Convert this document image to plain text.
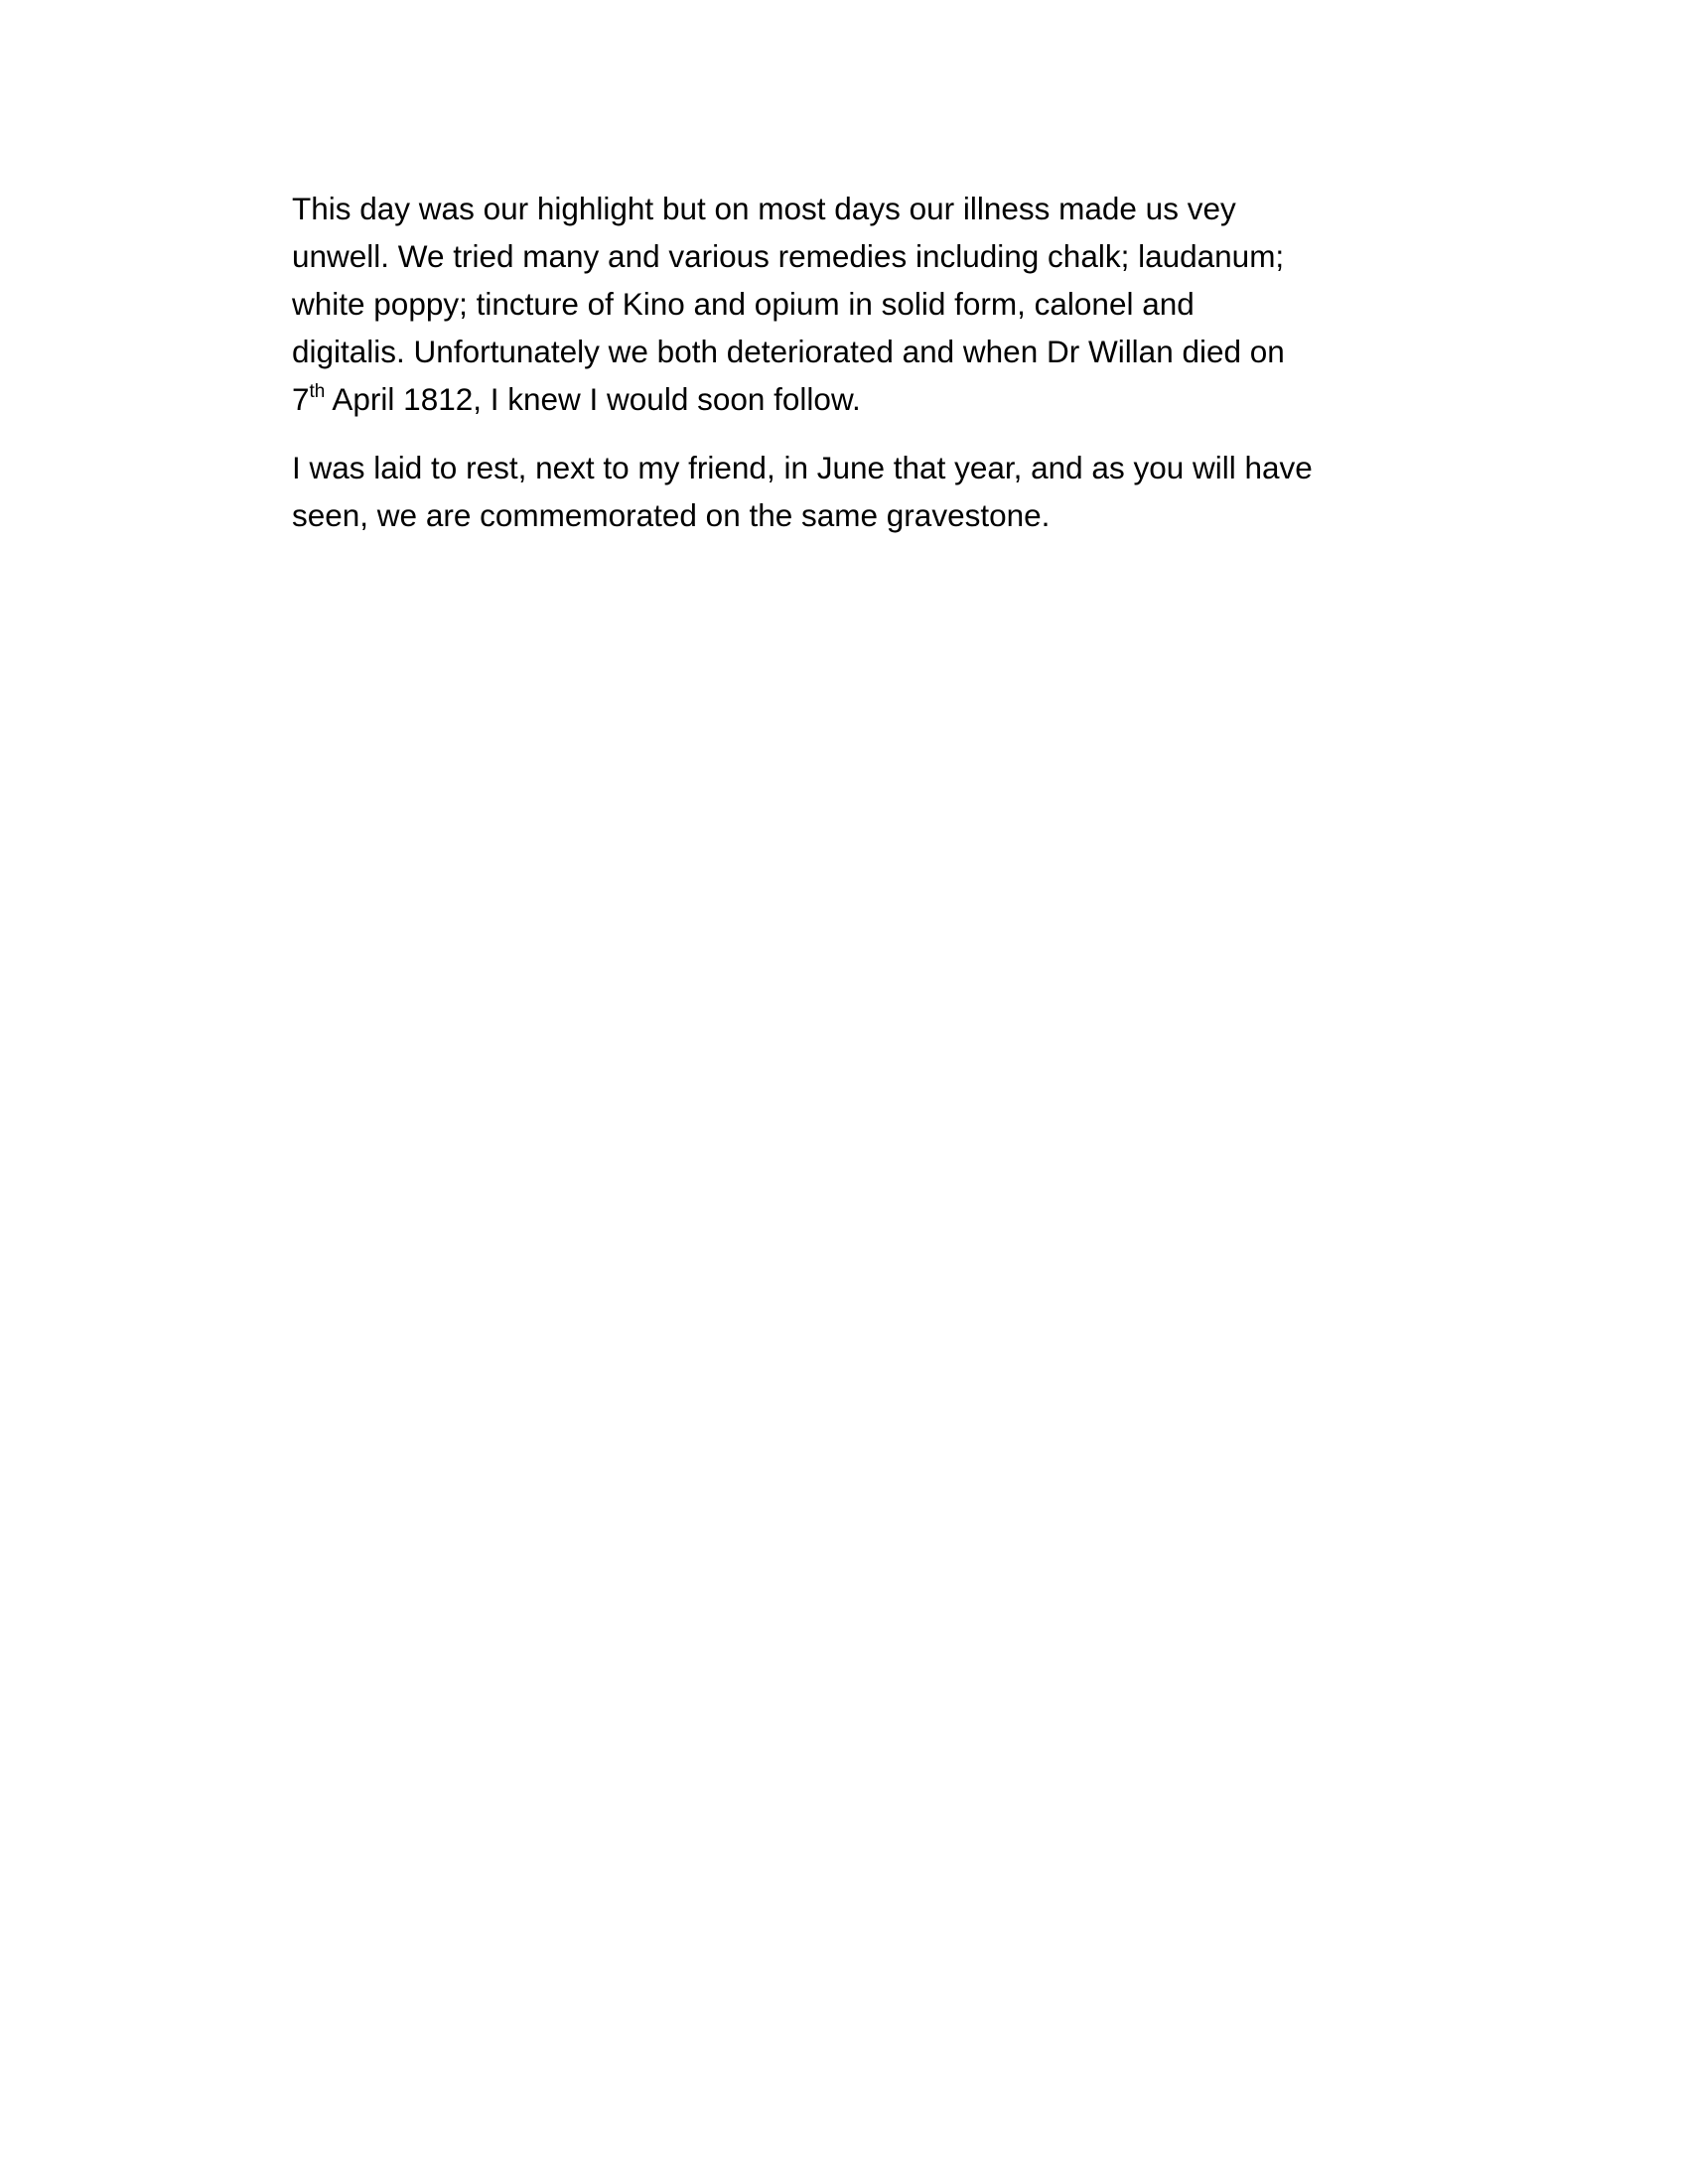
This day was our highlight but on most days our illness made us vey
unwell. We tried many and various remedies including chalk; laudanum;
white poppy; tincture of Kino and opium in solid form, calonel and
digitalis. Unfortunately we both deteriorated and when Dr Willan died on
7th April 1812, I knew I would soon follow.
I was laid to rest, next to my friend, in June that year, and as you will have
seen, we are commemorated on the same gravestone.
